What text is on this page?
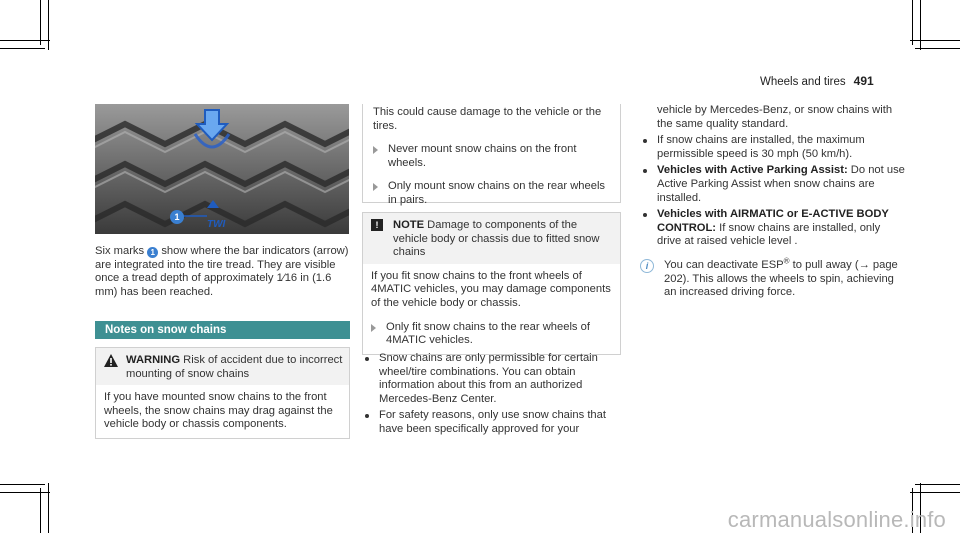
Wheels and tires 491
1
TWI

Six marks 1 show where the bar indicators (arrow) are integrated into the tire tread. They are visible once a tread depth of approximately 1⁄16 in (1.6 mm) has been reached.

Notes on snow chains
WARNING Risk of accident due to incorrect mounting of snow chains
If you have mounted snow chains to the front wheels, the snow chains may drag against the vehicle body or chassis components.

This could cause damage to the vehicle or the tires.

Never mount snow chains on the front wheels.
Only mount snow chains on the rear wheels in pairs.
!	NOTE Damage to components of the vehicle body or chassis due to fitted snow chains

If you fit snow chains to the front wheels of 4MATIC vehicles, you may damage components of the vehicle body or chassis.

Only fit snow chains to the rear wheels of 4MATIC vehicles.
Snow chains are only permissible for certain wheel/tire combinations. You can obtain information about this from an authorized Mercedes-Benz Center.
For safety reasons, only use snow chains that have been specifically approved for your

vehicle by Mercedes-Benz, or snow chains with the same quality standard.

If snow chains are installed, the maximum permissible speed is 30 mph (50 km/h).
Vehicles with Active Parking Assist: Do not use Active Parking Assist when snow chains are installed.
Vehicles with AIRMATIC or E-ACTIVE BODY CONTROL: If snow chains are installed, only drive at raised vehicle level .
i	You can deactivate ESP® to pull away (→ page 202). This allows the wheels to spin, achieving an increased driving force.
carmanualsonline.info
